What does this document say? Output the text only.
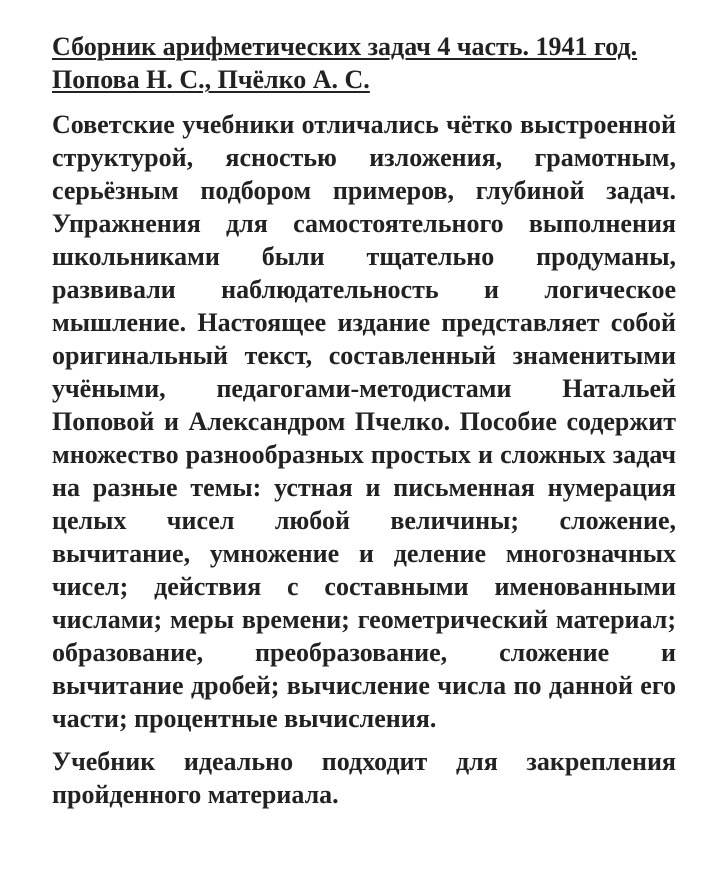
Сборник арифметических задач 4 часть. 1941 год.
Попова Н. С., Пчёлко А. С.

Советские учебники отличались чётко выстроенной структурой, ясностью изложения, грамотным, серьёзным подбором примеров, глубиной задач. Упражнения для самостоятельного выполнения школьниками были тщательно продуманы, развивали наблюдательность и логическое мышление. Настоящее издание представляет собой оригинальный текст, составленный знаменитыми учёными, педагогами-методистами Натальей Поповой и Александром Пчелко. Пособие содержит множество разнообразных простых и сложных задач на разные темы: устная и письменная нумерация целых чисел любой величины; сложение, вычитание, умножение и деление многозначных чисел; действия с составными именованными числами; меры времени; геометрический материал; образование, преобразование, сложение и вычитание дробей; вычисление числа по данной его части; процентные вычисления.

Учебник идеально подходит для закрепления пройденного материала.
